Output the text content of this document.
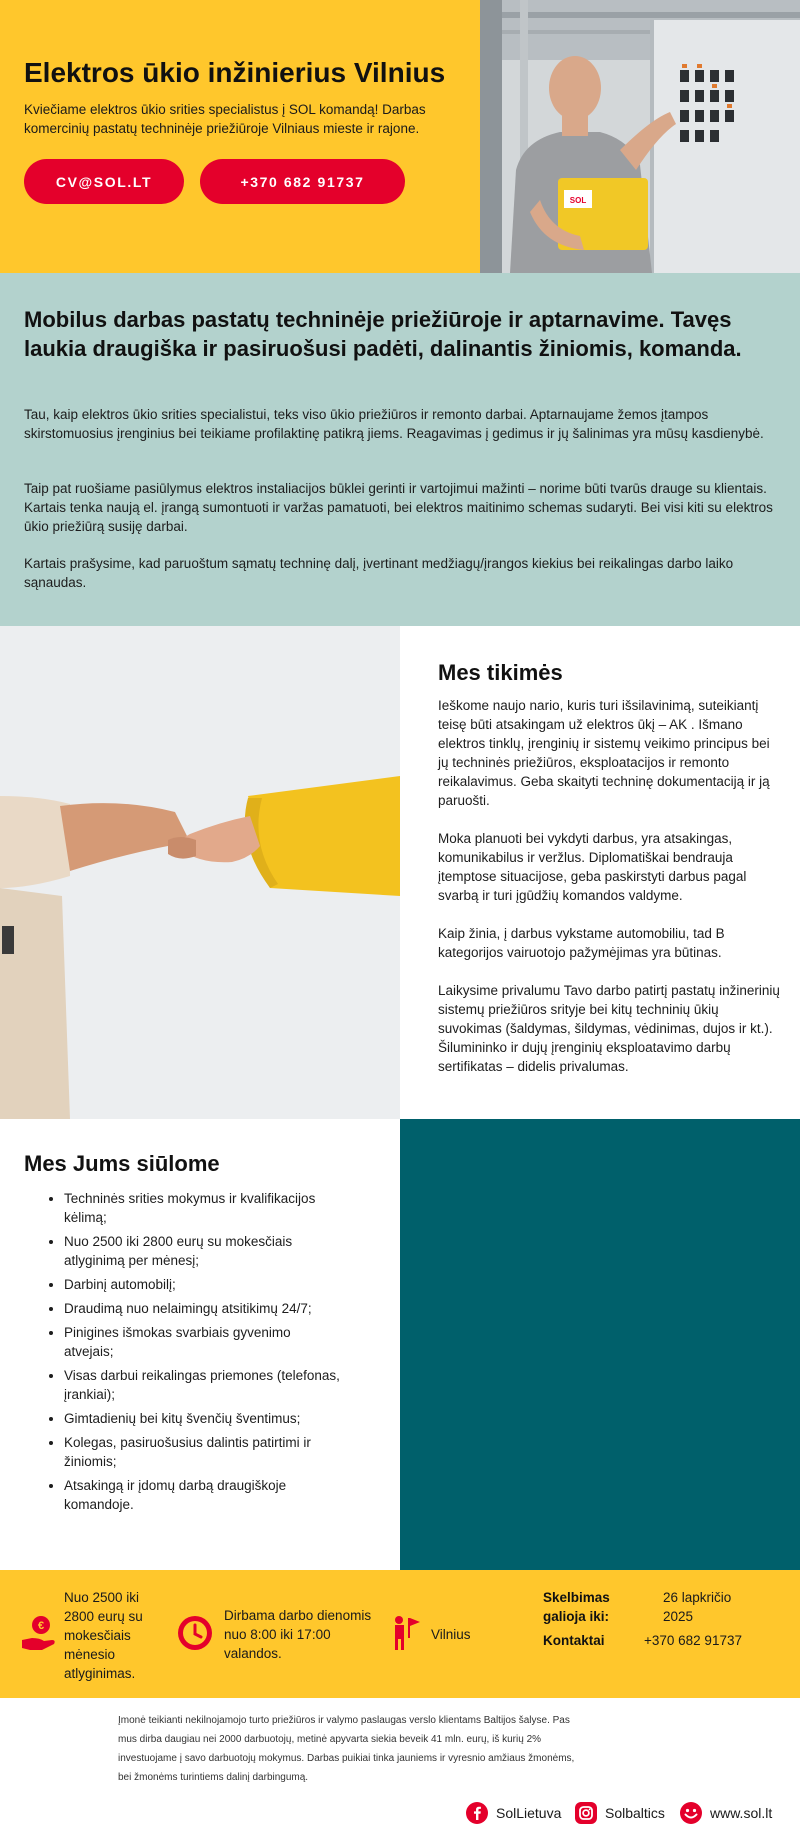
Elektros ūkio inžinierius Vilnius

Kviečiame elektros ūkio srities specialistus į SOL komandą! Darbas komercinių pastatų techninėje priežiūroje Vilniaus mieste ir rajone.

CV@SOL.LT	+370 682 91737
SOL
Mobilus darbas pastatų techninėje priežiūroje ir aptarnavime. Tavęs laukia draugiška ir pasiruošusi padėti, dalinantis žiniomis, komanda.

Tau, kaip elektros ūkio srities specialistui, teks viso ūkio priežiūros ir remonto darbai. Aptarnaujame žemos įtampos skirstomuosius įrenginius bei teikiame profilaktinę patikrą jiems. Reagavimas į gedimus ir jų šalinimas yra mūsų kasdienybė.

Taip pat ruošiame pasiūlymus elektros instaliacijos būklei gerinti ir vartojimui mažinti – norime būti tvarūs drauge su klientais. Kartais tenka naują el. įrangą sumontuoti ir varžas pamatuoti, bei elektros maitinimo schemas sudaryti. Bei visi kiti su elektros ūkio priežiūrą susiję darbai.

Kartais prašysime, kad paruoštum sąmatų techninę dalį, įvertinant medžiagų/įrangos kiekius bei reikalingas darbo laiko sąnaudas.

Mes tikimės

Ieškome naujo nario, kuris turi išsilavinimą, suteikiantį teisę būti atsakingam už elektros ūkį – AK . Išmano elektros tinklų, įrenginių ir sistemų veikimo principus bei jų techninės priežiūros, eksploatacijos ir remonto reikalavimus. Geba skaityti techninę dokumentaciją ir ją paruošti.

Moka planuoti bei vykdyti darbus, yra atsakingas, komunikabilus ir veržlus. Diplomatiškai bendrauja įtemptose situacijose, geba paskirstyti darbus pagal svarbą ir turi įgūdžių komandos valdyme.

Kaip žinia, į darbus vykstame automobiliu, tad B kategorijos vairuotojo pažymėjimas yra būtinas.

Laikysime privalumu Tavo darbo patirtį pastatų inžinerinių sistemų priežiūros srityje bei kitų techninių ūkių suvokimas (šaldymas, šildymas, vėdinimas, dujos ir kt.). Šilumininko ir dujų įrenginių eksploatavimo darbų sertifikatas – didelis privalumas.

Mes Jums siūlome
• Techninės srities mokymus ir kvalifikacijos kėlimą;
• Nuo 2500 iki 2800 eurų su mokesčiais atlyginimą per mėnesį;
• Darbinį automobilį;
• Draudimą nuo nelaimingų atsitikimų 24/7;
• Pinigines išmokas svarbiais gyvenimo atvejais;
• Visas darbui reikalingas priemones (telefonas, įrankiai);
• Gimtadienių bei kitų švenčių šventimus;
• Kolegas, pasiruošusius dalintis patirtimi ir žiniomis;
• Atsakingą ir įdomų darbą draugiškoje komandoje.
€
Nuo 2500 iki 2800 eurų su mokesčiais mėnesio atlyginimas.
Dirbama darbo dienomis nuo 8:00 iki 17:00 valandos.
Vilnius
Skelbimas galioja iki:
26 lapkričio 2025
Kontaktai	+370 682 91737
Įmonė teikianti nekilnojamojo turto priežiūros ir valymo paslaugas verslo klientams Baltijos šalyse. Pas mus dirba daugiau nei 2000 darbuotojų, metinė apyvarta siekia beveik 41 mln. eurų, iš kurių 2% investuojame į savo darbuotojų mokymus. Darbas puikiai tinka jauniems ir vyresnio amžiaus žmonėms, bei žmonėms turintiems dalinį darbingumą.
SolLietuva	Solbaltics	www.sol.lt
